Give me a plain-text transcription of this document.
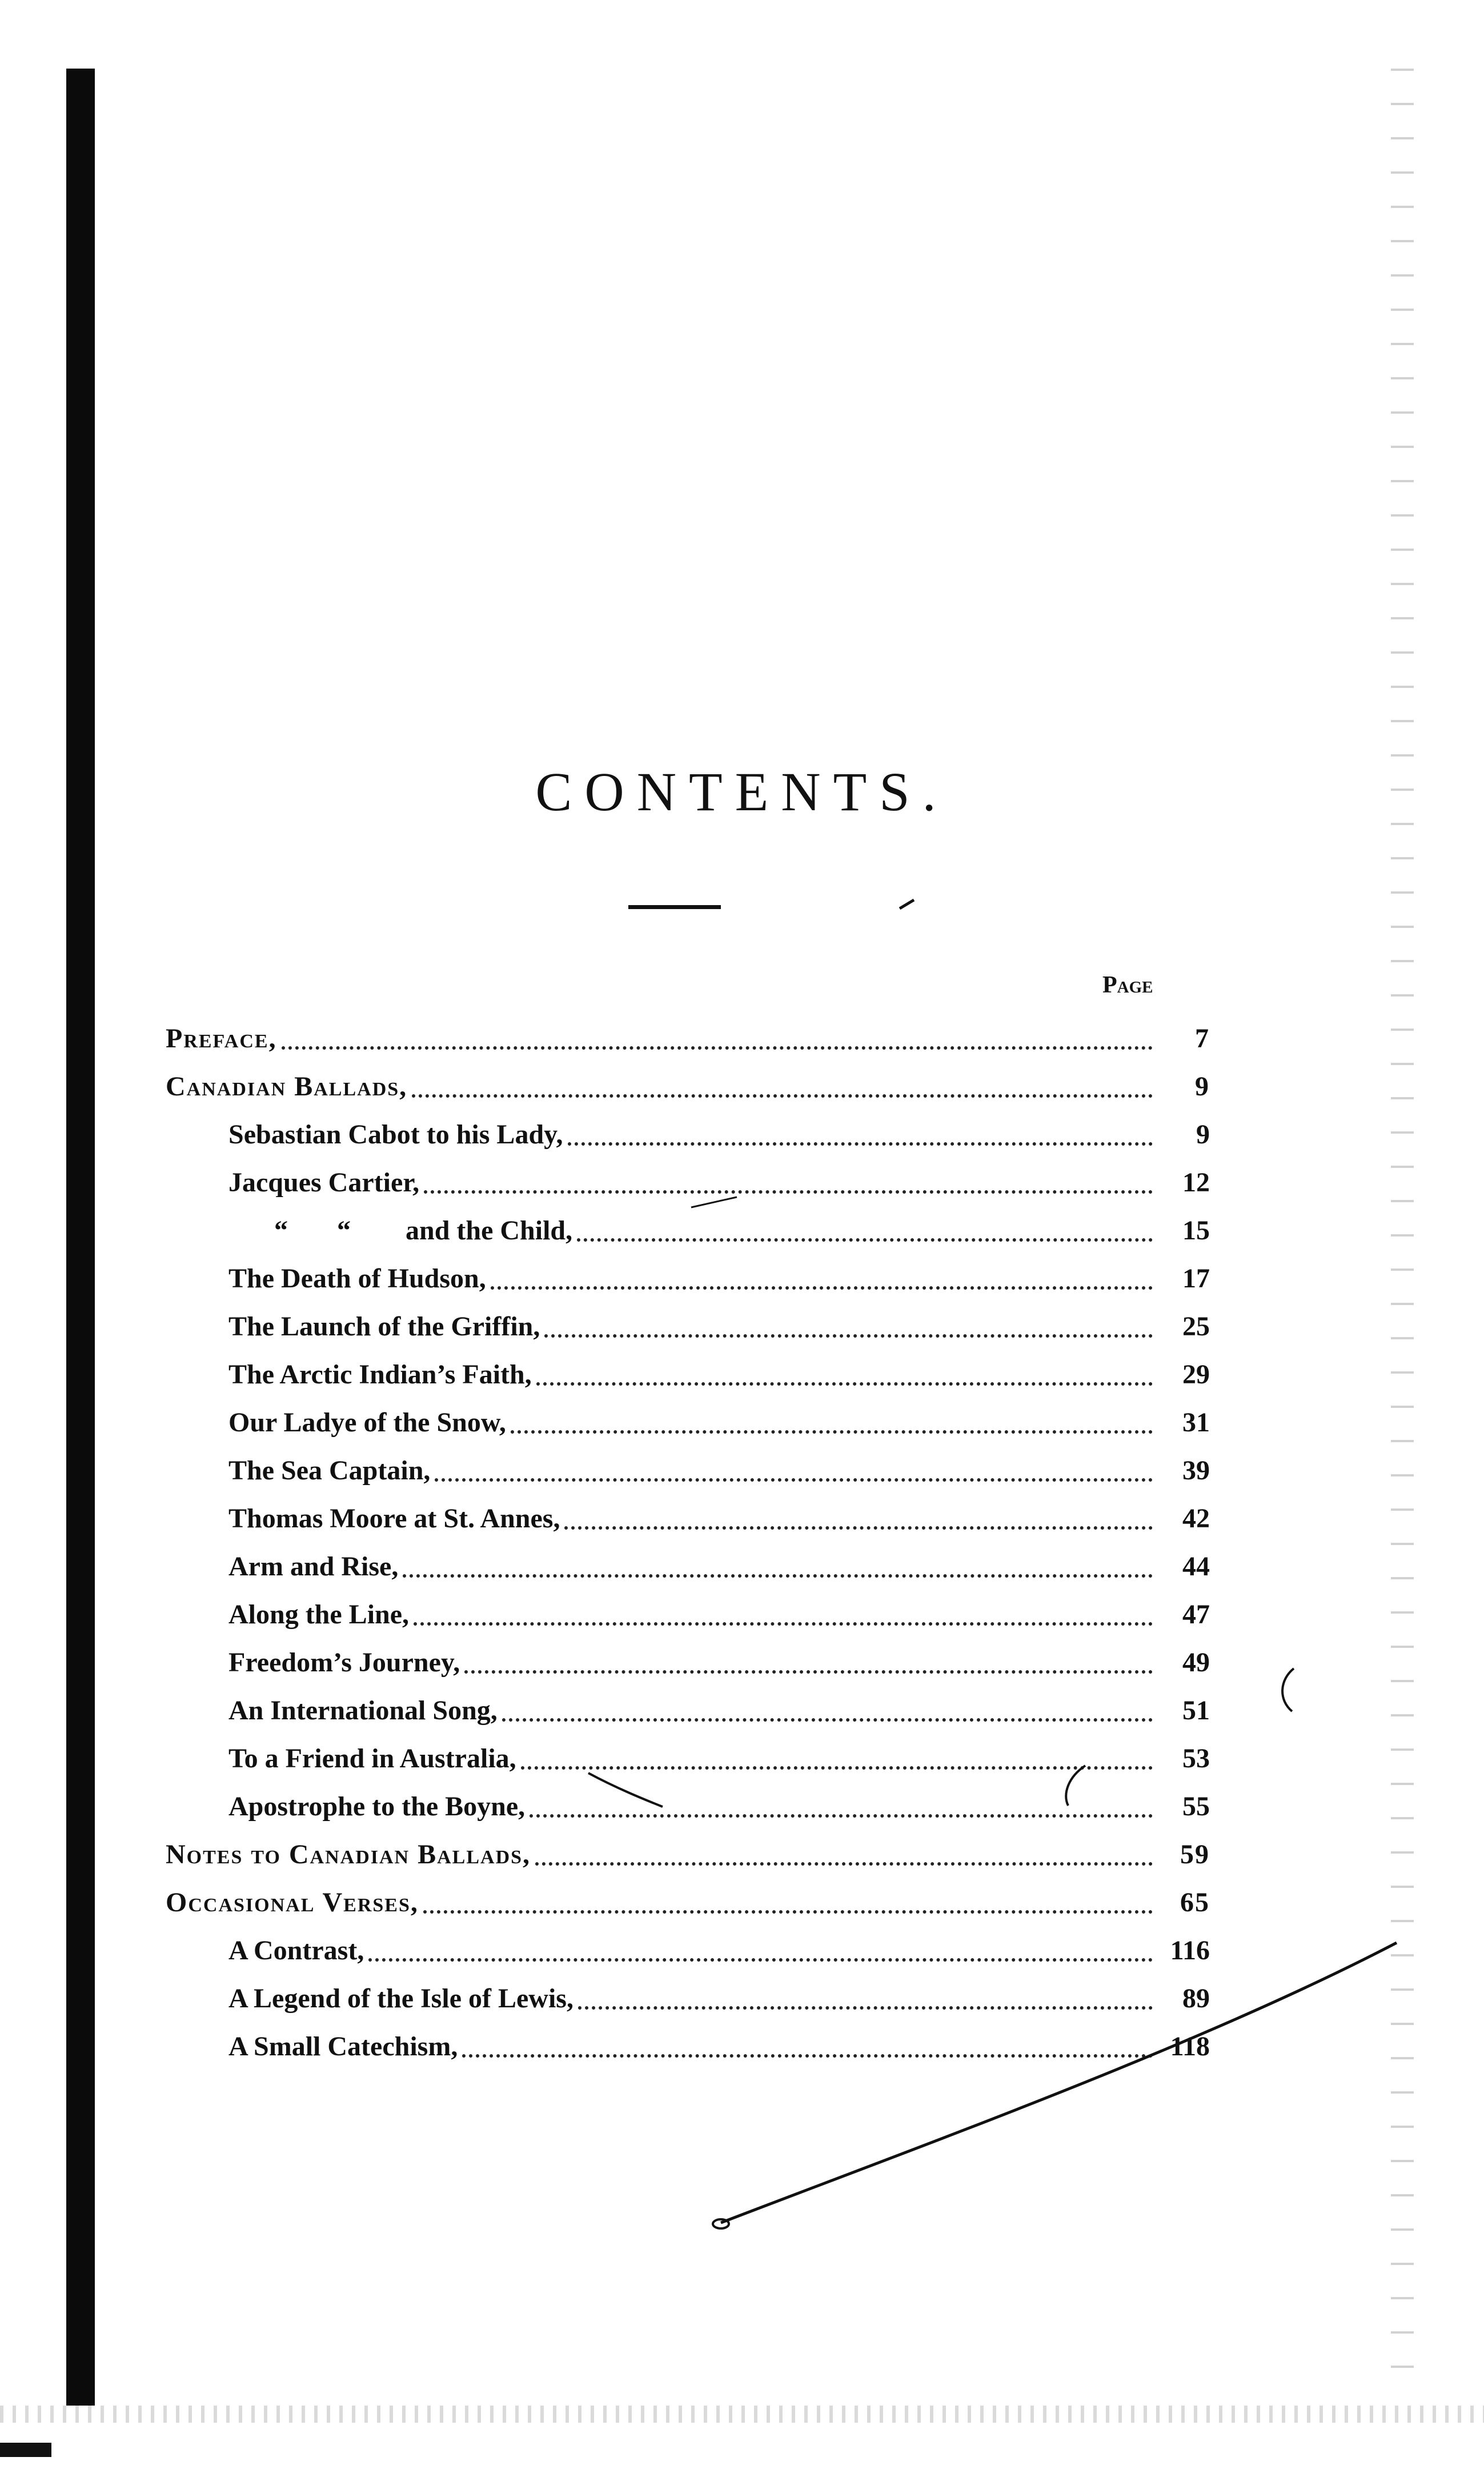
CONTENTS.
Page
Preface,	7
Canadian Ballads,	9
Sebastian Cabot to his Lady,	9
Jacques Cartier,	12
“ “ and the Child,	15
The Death of Hudson,	17
The Launch of the Griffin,	25
The Arctic Indian’s Faith,	29
Our Ladye of the Snow,	31
The Sea Captain,	39
Thomas Moore at St. Annes,	42
Arm and Rise,	44
Along the Line,	47
Freedom’s Journey,	49
An International Song,	51
To a Friend in Australia,	53
Apostrophe to the Boyne,	55
Notes to Canadian Ballads,	59
Occasional Verses,	65
A Contrast,	116
A Legend of the Isle of Lewis,	89
A Small Catechism,	118
